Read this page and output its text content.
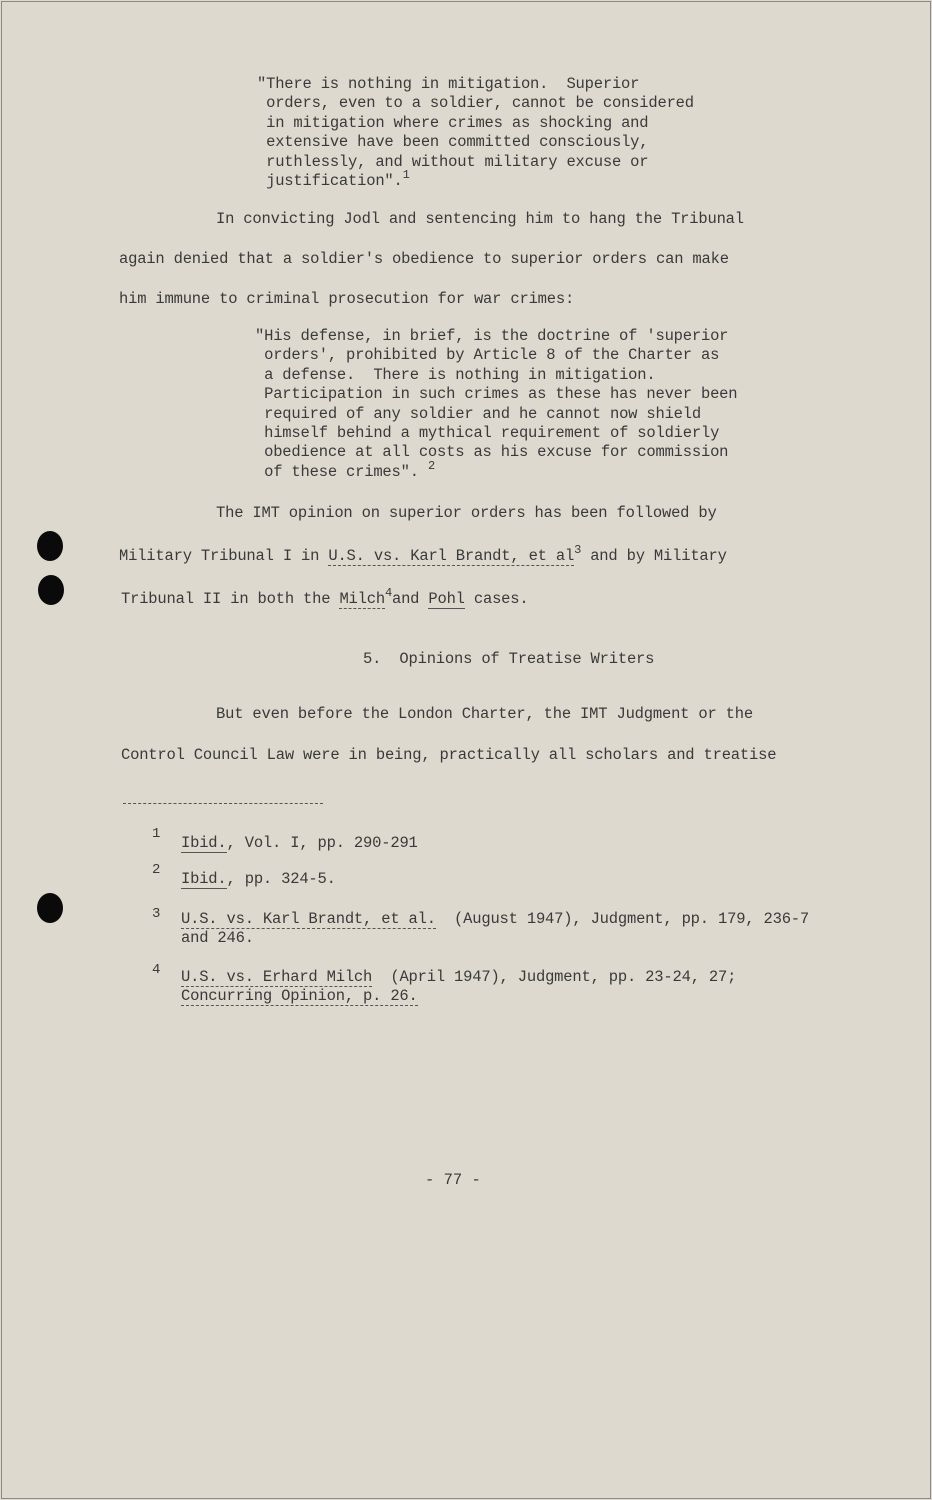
"There is nothing in mitigation.  Superior
orders, even to a soldier, cannot be considered
in mitigation where crimes as shocking and
extensive have been committed consciously,
ruthlessly, and without military excuse or
justification".$^1$
In convicting Jodl and sentencing him to hang the Tribunal
again denied that a soldier's obedience to superior orders can make
him immune to criminal prosecution for war crimes:
"His defense, in brief, is the doctrine of 'superior
orders', prohibited by Article 8 of the Charter as
a defense.  There is nothing in mitigation.
Participation in such crimes as these has never been
required of any soldier and he cannot now shield
himself behind a mythical requirement of soldierly
obedience at all costs as his excuse for commission
of these crimes". $^2$
The IMT opinion on superior orders has been followed by
Military Tribunal I in U.S. vs. Karl Brandt, et $al^3$ and by Military
Tribunal II in both the Milch$^4$and Pohl cases.
5.  Opinions of Treatise Writers
But even before the London Charter, the IMT Judgment or the
Control Council Law were in being, practically all scholars and treatise
1 Ibid., Vol. I, pp. 290-291
2 Ibid., pp. 324-5.
3 U.S. vs. Karl Brandt, et al.  (August 1947), Judgment, pp. 179, 236-7
and 246.
4 U.S. vs. Erhard Milch  (April 1947), Judgment, pp. 23-24, 27;
Concurring Opinion, p. 26.
- 77 -
